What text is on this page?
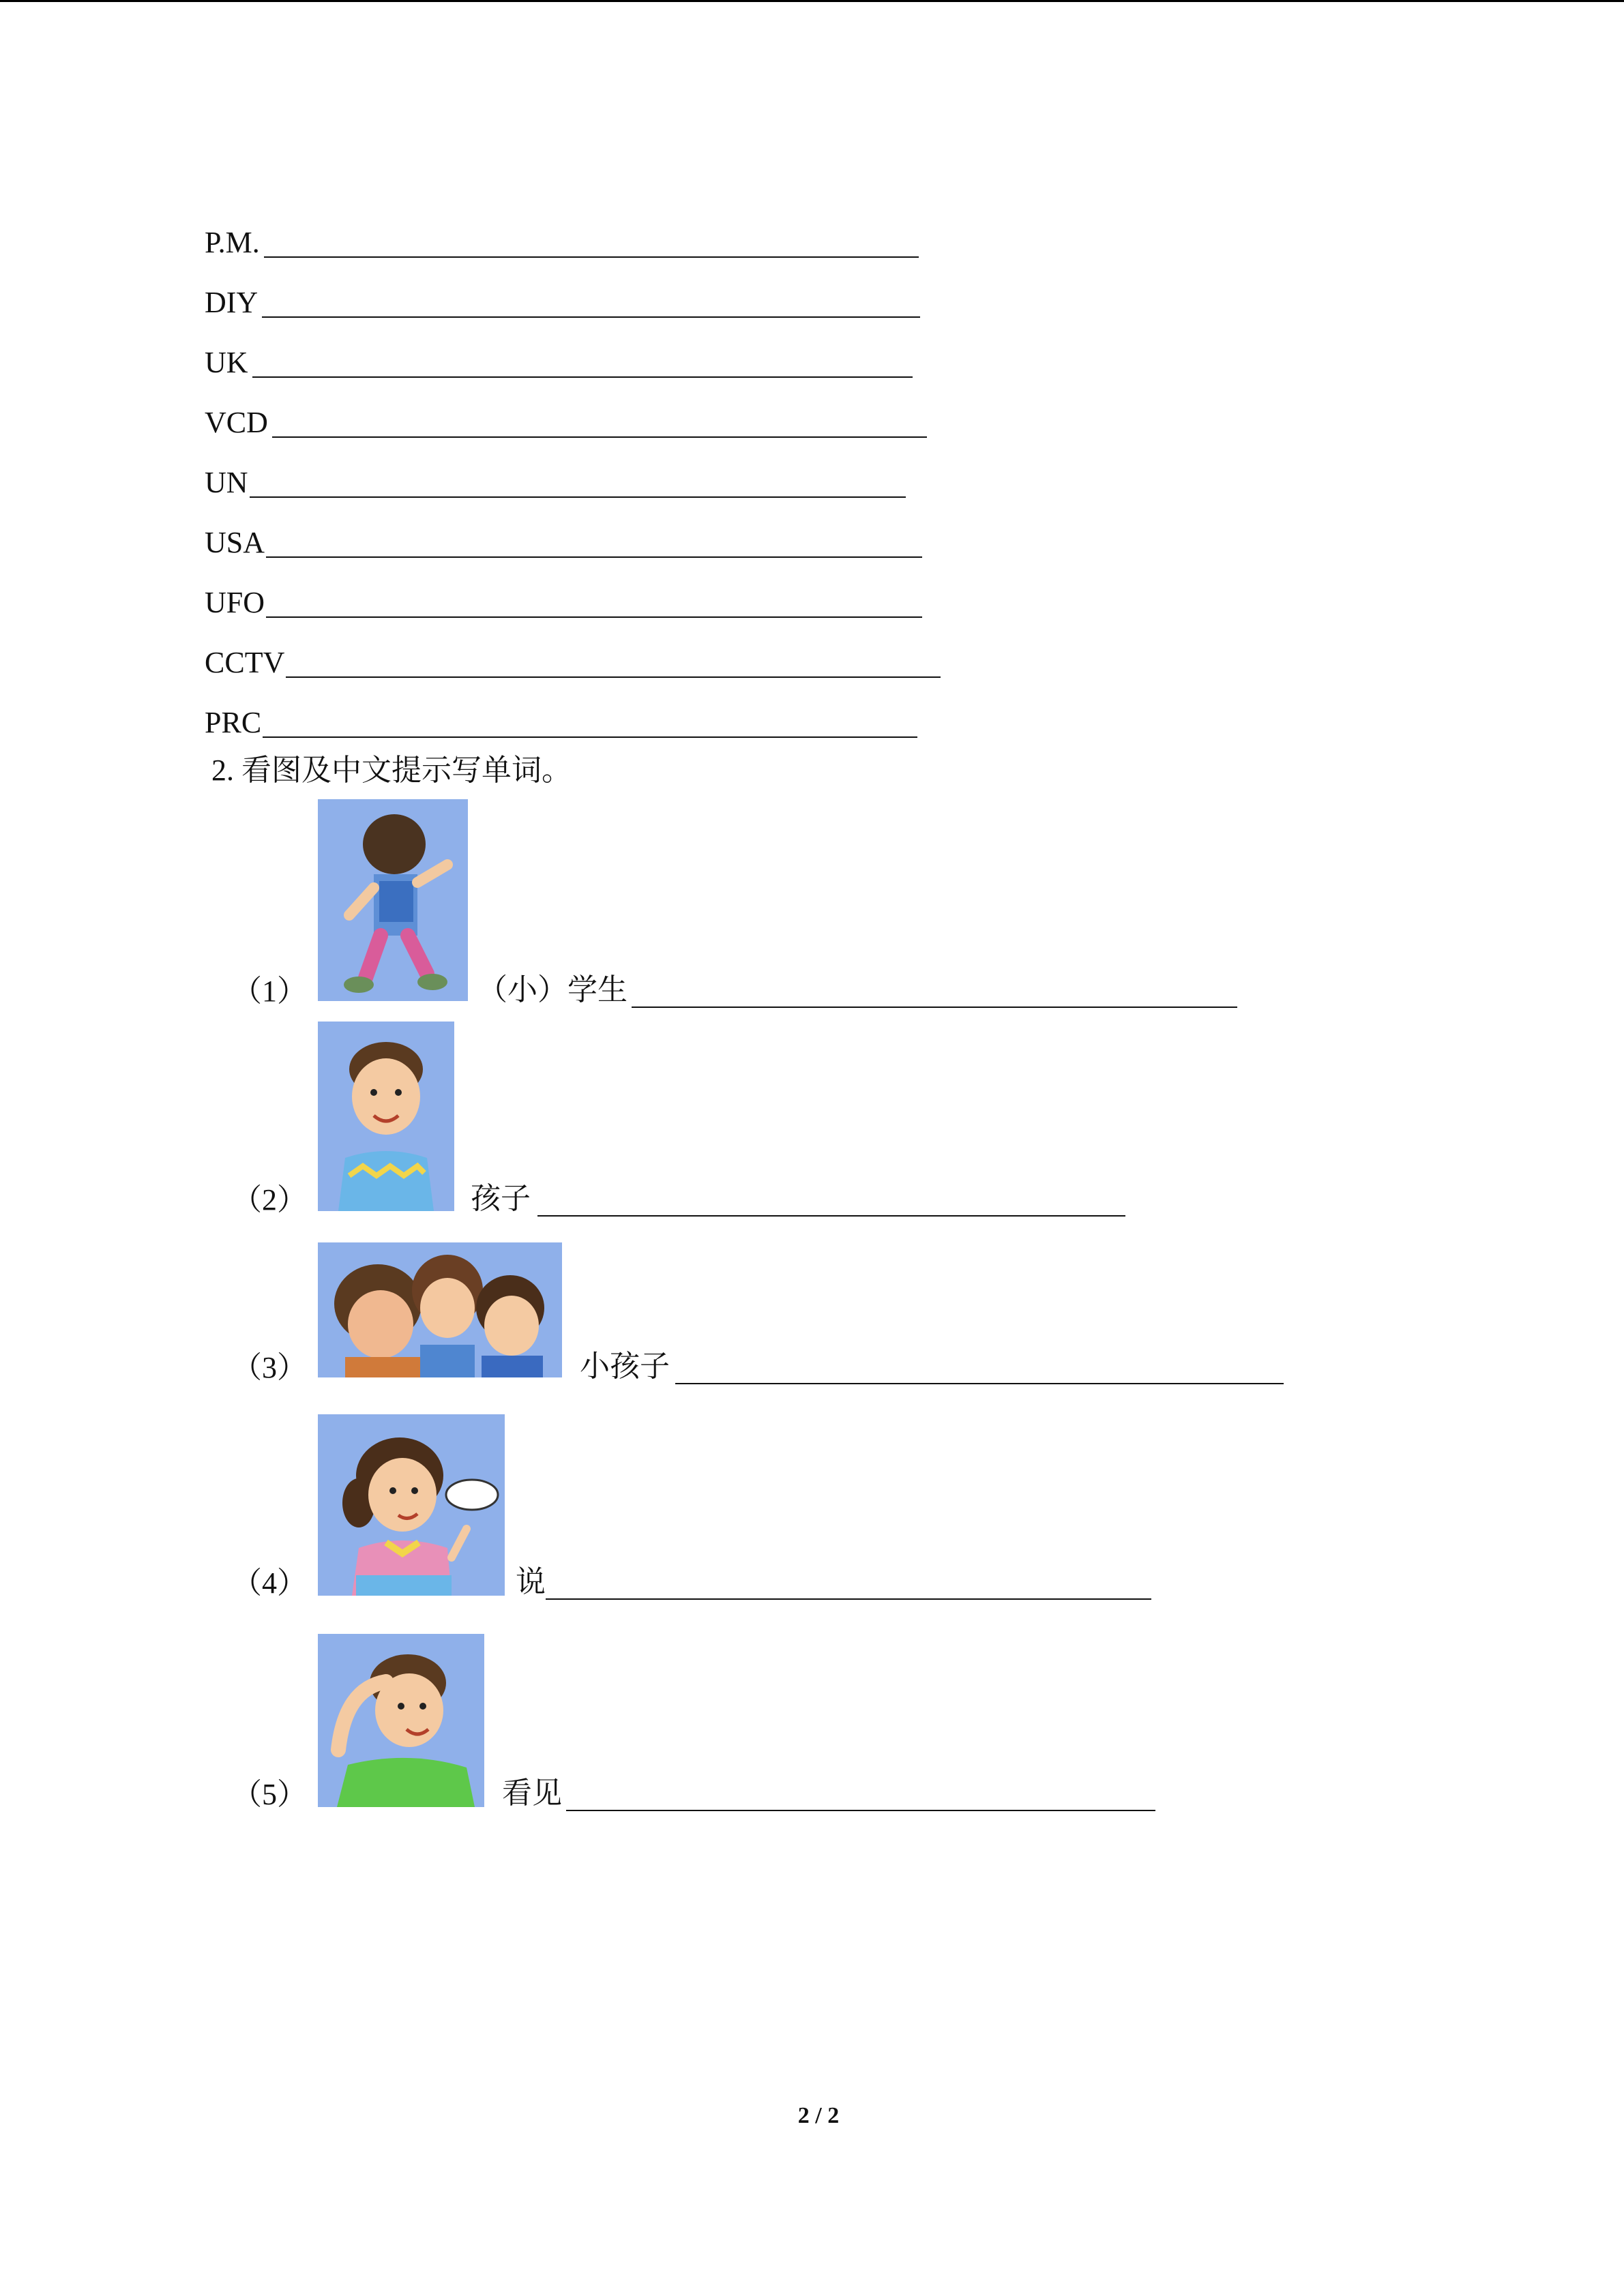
P.M.
DIY
UK
VCD
UN
USA
UFO
CCTV
PRC
2. 看图及中文提示写单词。
（1）	（小）学生
（2）	孩子
（3）	小孩子
（4）	说
（5）	看见
2 / 2
